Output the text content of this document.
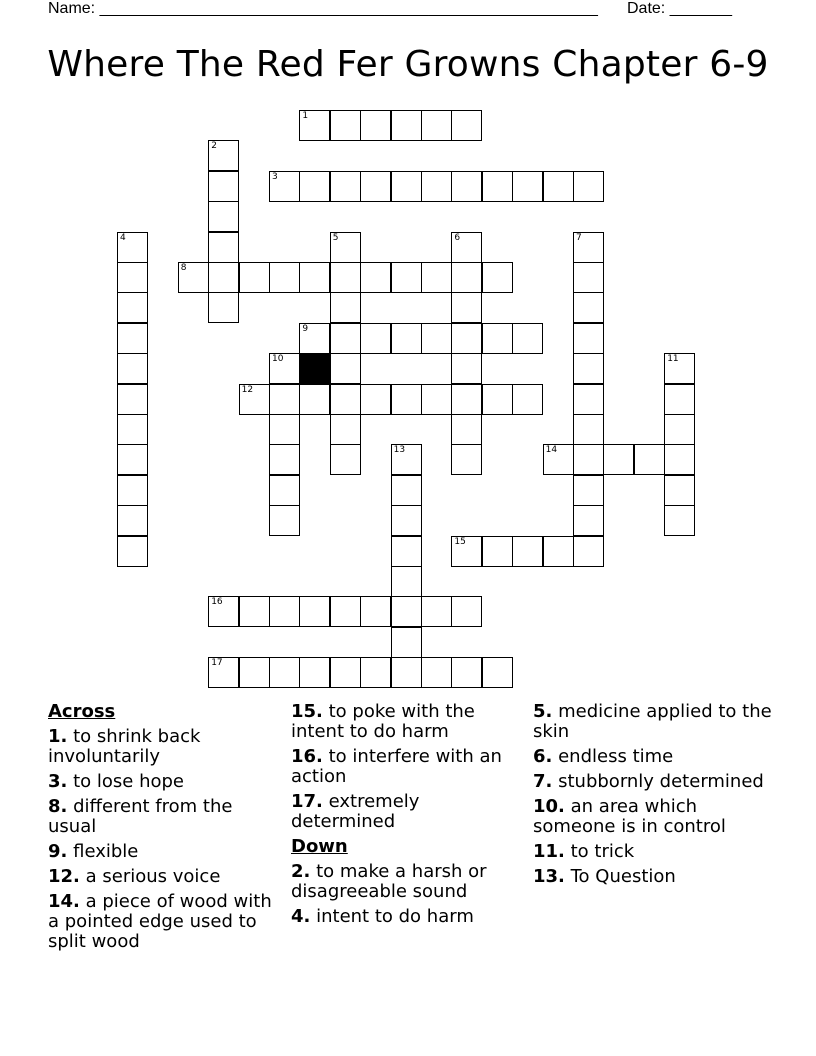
Name: ________________________________________________________ Date: _______
Where The Red Fer Growns Chapter 6-9
1
2
3
4	5	6	7
8
9
10	11
12
13	14
15
16
17
Across
1. to shrink back involuntarily
3. to lose hope
8. different from the usual
9. flexible
12. a serious voice
14. a piece of wood with a pointed edge used to split wood
15. to poke with the intent to do harm
16. to interfere with an action
17. extremely determined
Down
2. to make a harsh or disagreeable sound
4. intent to do harm
5. medicine applied to the skin
6. endless time
7. stubbornly determined
10. an area which someone is in control
11. to trick
13. To Question
